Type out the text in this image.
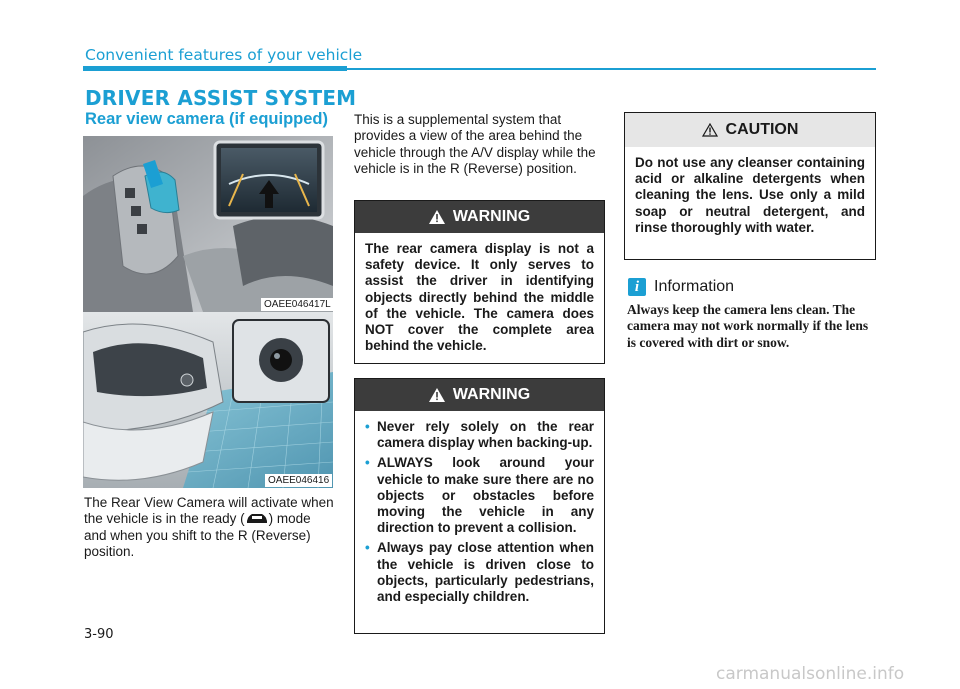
Convenient features of your vehicle
DRIVER ASSIST SYSTEM
Rear view camera (if equipped)
OAEE046417L
OAEE046416
The Rear View Camera will activate when the vehicle is in the ready ( ) mode and when you shift to the R (Reverse) position.
This is a supplemental system that provides a view of the area behind the vehicle through the A/V display while the vehicle is in the R (Reverse) position.
WARNING
The rear camera display is not a safety device. It only serves to assist the driver in identifying objects directly behind the middle of the vehicle. The camera does NOT cover the complete area behind the vehicle.
WARNING
• Never rely solely on the rear camera display when backing-up.
• ALWAYS look around your vehicle to make sure there are no objects or obstacles before moving the vehicle in any direction to prevent a collision.
• Always pay close attention when the vehicle is driven close to objects, particularly pedestrians, and especially children.
CAUTION
Do not use any cleanser containing acid or alkaline detergents when cleaning the lens. Use only a mild soap or neutral detergent, and rinse thoroughly with water.
i Information
Always keep the camera lens clean. The camera may not work normally if the lens is covered with dirt or snow.
3-90
carmanualsonline.info
